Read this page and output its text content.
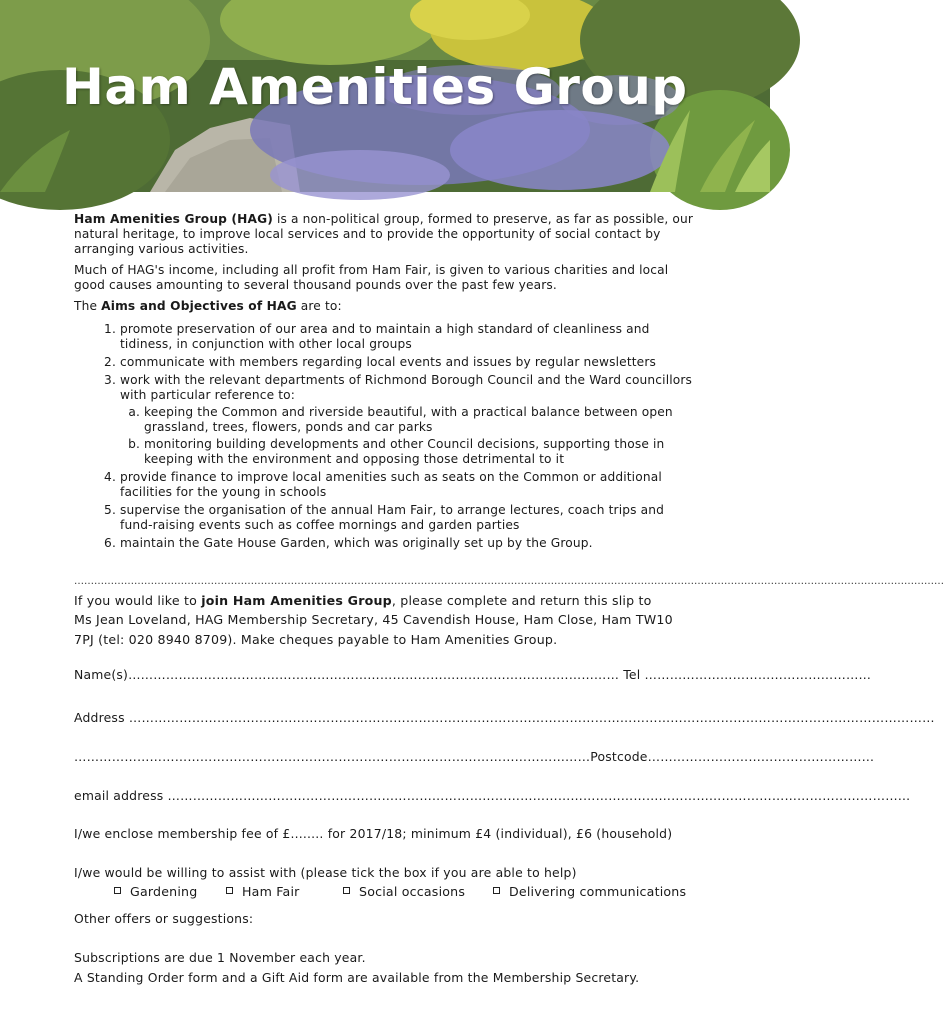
Ham Amenities Group

Ham Amenities Group (HAG) is a non-political group, formed to preserve, as far as possible, our natural heritage, to improve local services and to provide the opportunity of social contact by arranging various activities.

Much of HAG's income, including all profit from Ham Fair, is given to various charities and local good causes amounting to several thousand pounds over the past few years.

The Aims and Objectives of HAG are to:

1. promote preservation of our area and to maintain a high standard of cleanliness and tidiness, in conjunction with other local groups
2. communicate with members regarding local events and issues by regular newsletters
3. work with the relevant departments of Richmond Borough Council and the Ward councillors with particular reference to:
a. keeping the Common and riverside beautiful, with a practical balance between open grassland, trees, flowers, ponds and car parks
b. monitoring building developments and other Council decisions, supporting those in keeping with the environment and opposing those detrimental to it
4. provide finance to improve local amenities such as seats on the Common or additional facilities for the young in schools
5. supervise the organisation of the annual Ham Fair, to arrange lectures, coach trips and fund-raising events such as coffee mornings and garden parties
6. maintain the Gate House Garden, which was originally set up by the Group.
………………………………………………………………………………………………………………………………………………………………………………………………………………………………………
If you would like to join Ham Amenities Group, please complete and return this slip to
Ms Jean Loveland, HAG Membership Secretary, 45 Cavendish House, Ham Close, Ham TW10
7PJ (tel: 020 8940 8709). Make cheques payable to Ham Amenities Group.
Name(s)……………………………………………………………………………………………………… Tel ………………………………………………
Address …………………………………………………………………………………………………………………………………………………………………………
……………………………………………………………………………………………………………Postcode………………………………………………
email address ……………………………………………………………………………………………………………………………………………………………
I/we enclose membership fee of £........ for 2017/18; minimum £4 (individual), £6 (household)
I/we would be willing to assist with (please tick the box if you are able to help)
Gardening	Ham Fair	Social occasions	Delivering communications
Other offers or suggestions:
Subscriptions are due 1 November each year.
A Standing Order form and a Gift Aid form are available from the Membership Secretary.
